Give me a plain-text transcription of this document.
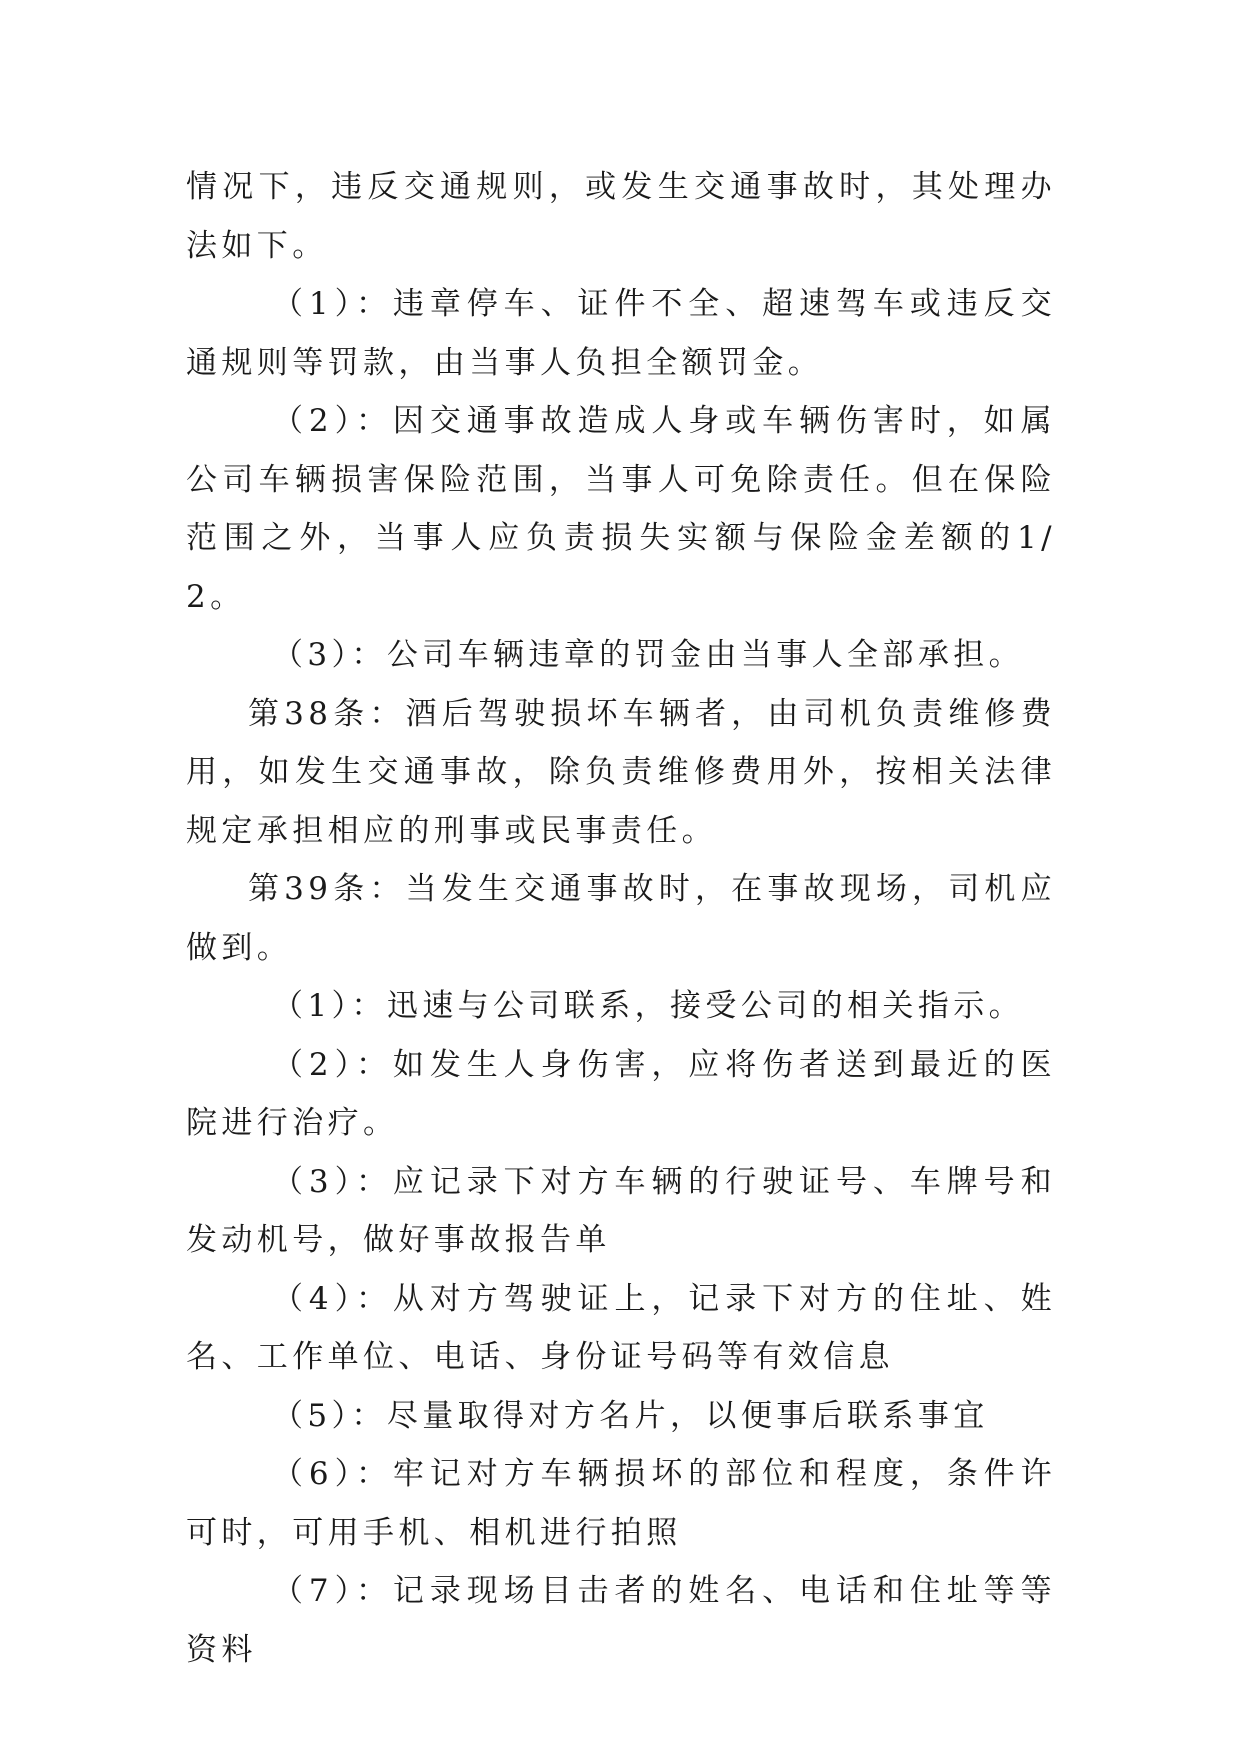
情况下，违反交通规则，或发生交通事故时，其处理办法如下。

（1）：违章停车、证件不全、超速驾车或违反交通规则等罚款，由当事人负担全额罚金。

（2）：因交通事故造成人身或车辆伤害时，如属公司车辆损害保险范围，当事人可免除责任。但在保险范围之外，当事人应负责损失实额与保险金差额的1/2。

（3）：公司车辆违章的罚金由当事人全部承担。

第38条：酒后驾驶损坏车辆者，由司机负责维修费用，如发生交通事故，除负责维修费用外，按相关法律规定承担相应的刑事或民事责任。

第39条：当发生交通事故时，在事故现场，司机应做到。

（1）：迅速与公司联系，接受公司的相关指示。

（2）：如发生人身伤害，应将伤者送到最近的医院进行治疗。

（3）：应记录下对方车辆的行驶证号、车牌号和发动机号，做好事故报告单

（4）：从对方驾驶证上，记录下对方的住址、姓名、工作单位、电话、身份证号码等有效信息

（5）：尽量取得对方名片，以便事后联系事宜

（6）：牢记对方车辆损坏的部位和程度，条件许可时，可用手机、相机进行拍照

（7）：记录现场目击者的姓名、电话和住址等等资料
